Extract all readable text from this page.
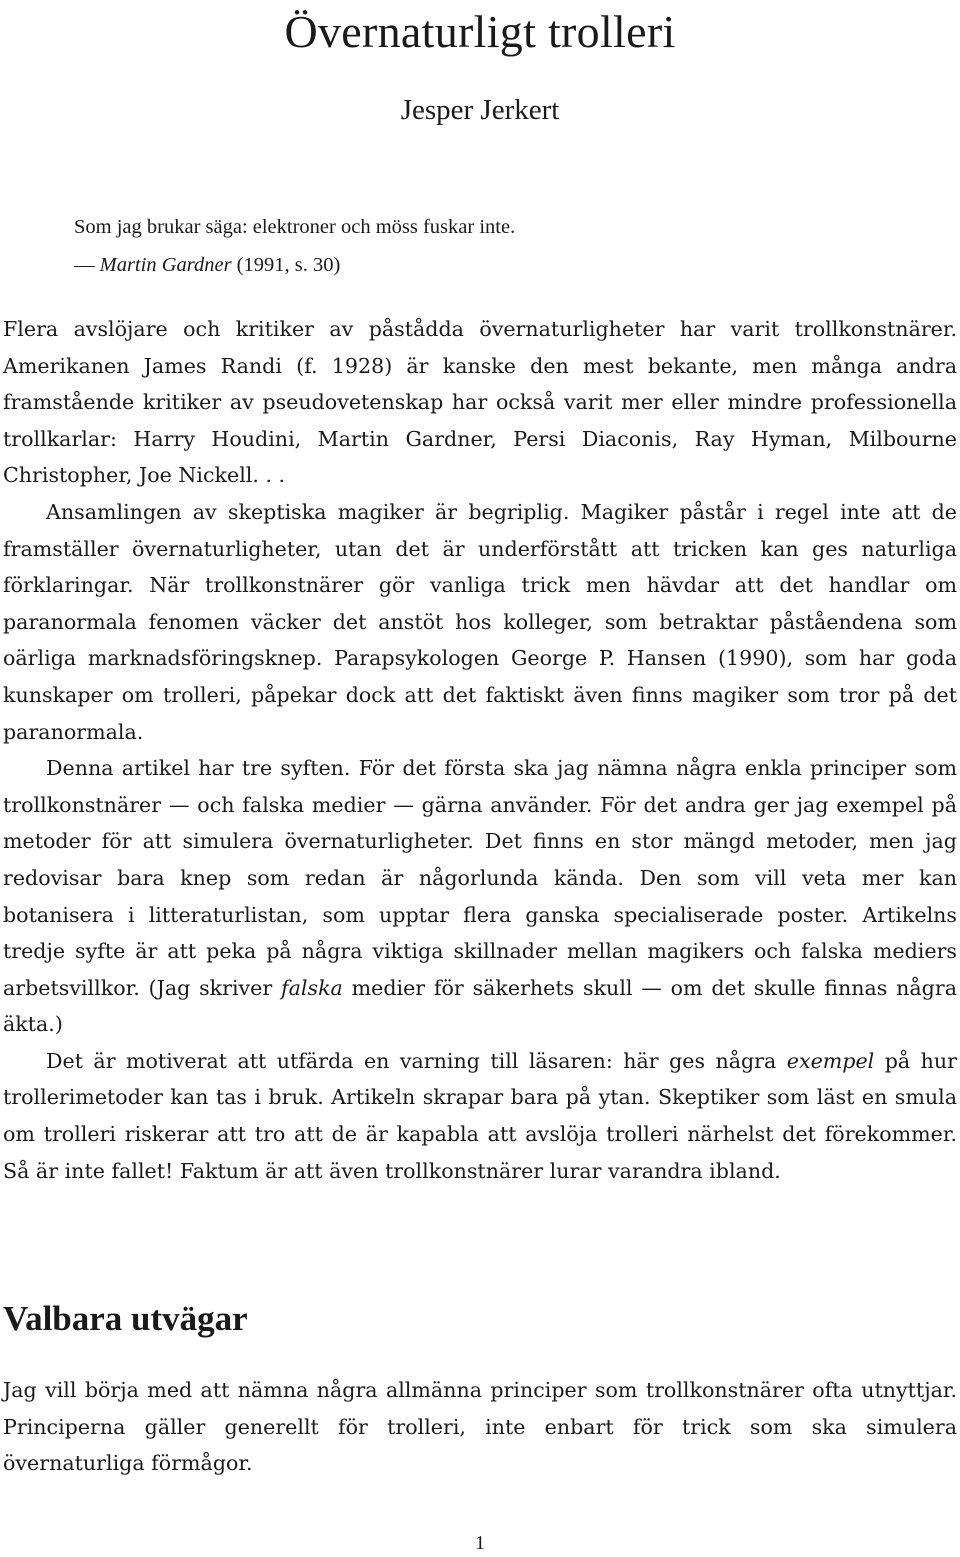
Övernaturligt trolleri
Jesper Jerkert
Som jag brukar säga: elektroner och möss fuskar inte.
— Martin Gardner (1991, s. 30)

Flera avslöjare och kritiker av påstådda övernaturligheter har varit trollkonstnärer. Amerikanen James Randi (f. 1928) är kanske den mest bekante, men många andra framstående kritiker av pseudovetenskap har också varit mer eller mindre professionella trollkarlar: Harry Houdini, Martin Gardner, Persi Diaconis, Ray Hyman, Milbourne Christopher, Joe Nickell. . .

Ansamlingen av skeptiska magiker är begriplig. Magiker påstår i regel inte att de framställer övernaturligheter, utan det är underförstått att tricken kan ges naturliga förklaringar. När trollkonstnärer gör vanliga trick men hävdar att det handlar om paranormala fenomen väcker det anstöt hos kolleger, som betraktar påståendena som oärliga marknadsföringsknep. Parapsykologen George P. Hansen (1990), som har goda kunskaper om trolleri, påpekar dock att det faktiskt även finns magiker som tror på det paranormala.

Denna artikel har tre syften. För det första ska jag nämna några enkla principer som trollkonstnärer — och falska medier — gärna använder. För det andra ger jag exempel på metoder för att simulera övernaturligheter. Det finns en stor mängd metoder, men jag redovisar bara knep som redan är någorlunda kända. Den som vill veta mer kan botanisera i litteraturlistan, som upptar flera ganska specialiserade poster. Artikelns tredje syfte är att peka på några viktiga skillnader mellan magikers och falska mediers arbetsvillkor. (Jag skriver falska medier för säkerhets skull — om det skulle finnas några äkta.)

Det är motiverat att utfärda en varning till läsaren: här ges några exempel på hur trollerimetoder kan tas i bruk. Artikeln skrapar bara på ytan. Skeptiker som läst en smula om trolleri riskerar att tro att de är kapabla att avslöja trolleri närhelst det förekommer. Så är inte fallet! Faktum är att även trollkonstnärer lurar varandra ibland.

Valbara utvägar

Jag vill börja med att nämna några allmänna principer som trollkonstnärer ofta utnyttjar. Principerna gäller generellt för trolleri, inte enbart för trick som ska simulera övernaturliga förmågor.

1
